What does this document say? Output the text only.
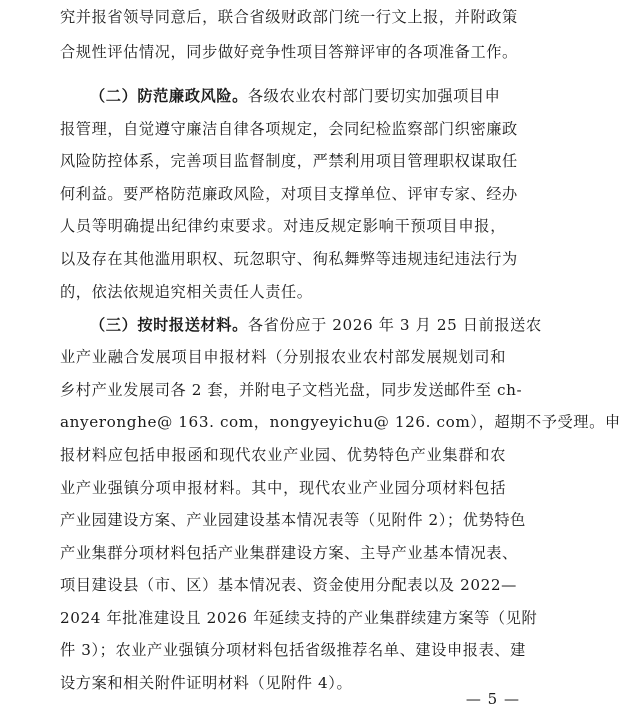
究并报省领导同意后，联合省级财政部门统一行文上报，并附政策
合规性评估情况，同步做好竞争性项目答辩评审的各项准备工作。
（二）防范廉政风险。各级农业农村部门要切实加强项目申
报管理，自觉遵守廉洁自律各项规定，会同纪检监察部门织密廉政
风险防控体系，完善项目监督制度，严禁利用项目管理职权谋取任
何利益。要严格防范廉政风险，对项目支撑单位、评审专家、经办
人员等明确提出纪律约束要求。对违反规定影响干预项目申报，
以及存在其他滥用职权、玩忽职守、徇私舞弊等违规违纪违法行为
的，依法依规追究相关责任人责任。
（三）按时报送材料。各省份应于 2026 年 3 月 25 日前报送农
业产业融合发展项目申报材料（分别报农业农村部发展规划司和
乡村产业发展司各 2 套，并附电子文档光盘，同步发送邮件至 ch-
anyeronghe@ 163. com，nongyeyichu@ 126. com），超期不予受理。申
报材料应包括申报函和现代农业产业园、优势特色产业集群和农
业产业强镇分项申报材料。其中，现代农业产业园分项材料包括
产业园建设方案、产业园建设基本情况表等（见附件 2）；优势特色
产业集群分项材料包括产业集群建设方案、主导产业基本情况表、
项目建设县（市、区）基本情况表、资金使用分配表以及 2022—
2024 年批准建设且 2026 年延续支持的产业集群续建方案等（见附
件 3）；农业产业强镇分项材料包括省级推荐名单、建设申报表、建
设方案和相关附件证明材料（见附件 4）。
— 5 —
